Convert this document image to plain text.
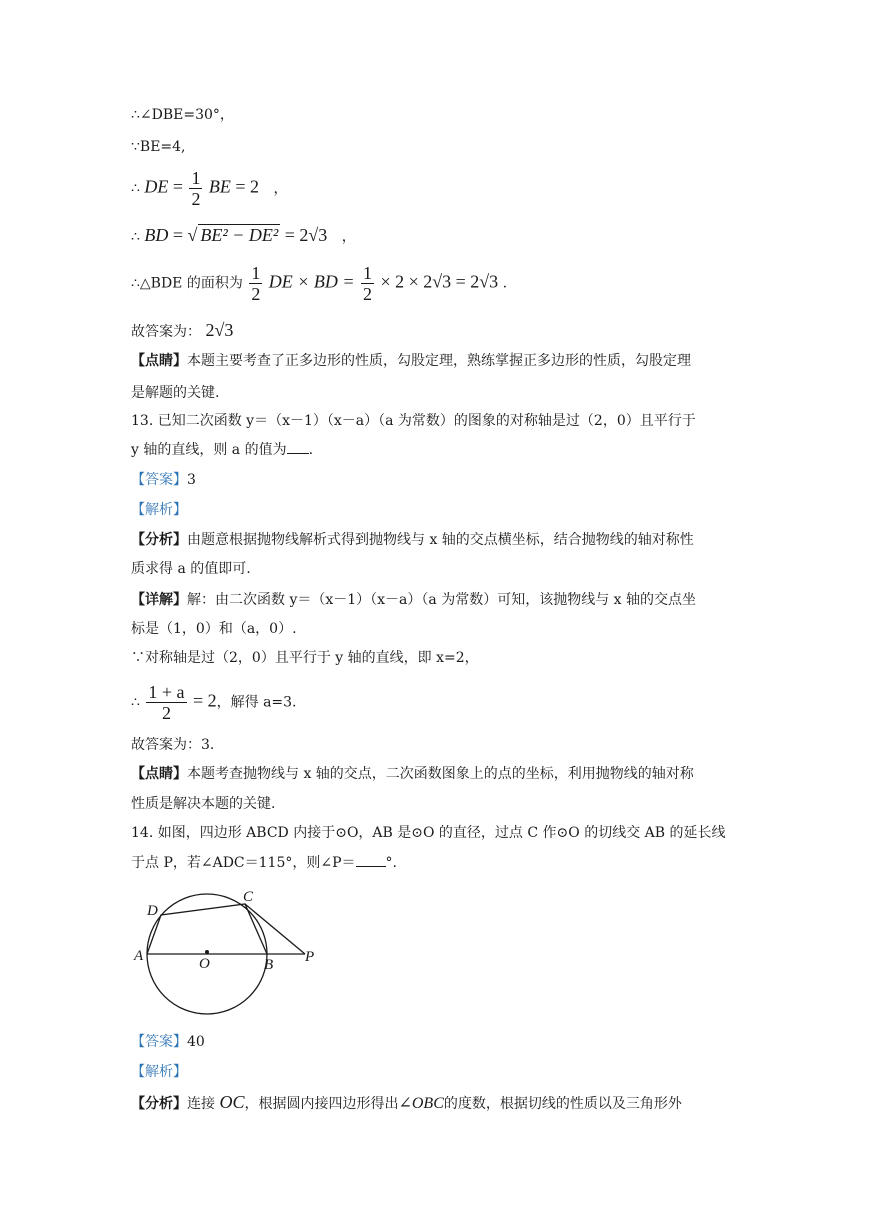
∴∠DBE=30°，
∵BE=4,
∴ DE = $\frac{1}{2}$ BE = 2 ，
∴ BD = √ BE² − DE² = 2√3 ，
∴△BDE 的面积为 $\frac{1}{2}$ DE × BD = $\frac{1}{2} \times 2 \times 2√3 = 2√3$ .
故答案为： 2√3
【点睛】本题主要考查了正多边形的性质，勾股定理，熟练掌握正多边形的性质，勾股定理
是解题的关键.
13. 已知二次函数 y＝（x－1）（x－a）（a 为常数）的图象的对称轴是过（2，0）且平行于
y 轴的直线，则 a 的值为 .
【答案】3
【解析】
【分析】由题意根据抛物线解析式得到抛物线与 x 轴的交点横坐标，结合抛物线的轴对称性
质求得 a 的值即可.
【详解】解：由二次函数 y＝（x－1）（x－a）（a 为常数）可知，该抛物线与 x 轴的交点坐
标是（1，0）和（a，0）.
∵对称轴是过（2，0）且平行于 y 轴的直线，即 x=2，
∴ $\frac{1 + a}{2} = 2$，解得 a=3.
故答案为：3.
【点睛】本题考查抛物线与 x 轴的交点，二次函数图象上的点的坐标，利用抛物线的轴对称
性质是解决本题的关键.
14. 如图，四边形 ABCD 内接于⊙O，AB 是⊙O 的直径，过点 C 作⊙O 的切线交 AB 的延长线
于点 P，若∠ADC＝115°，则∠P＝ °.
A
D
C
O	B P
【答案】40
【解析】
【分析】连接 OC，根据圆内接四边形得出∠OBC的度数，根据切线的性质以及三角形外
